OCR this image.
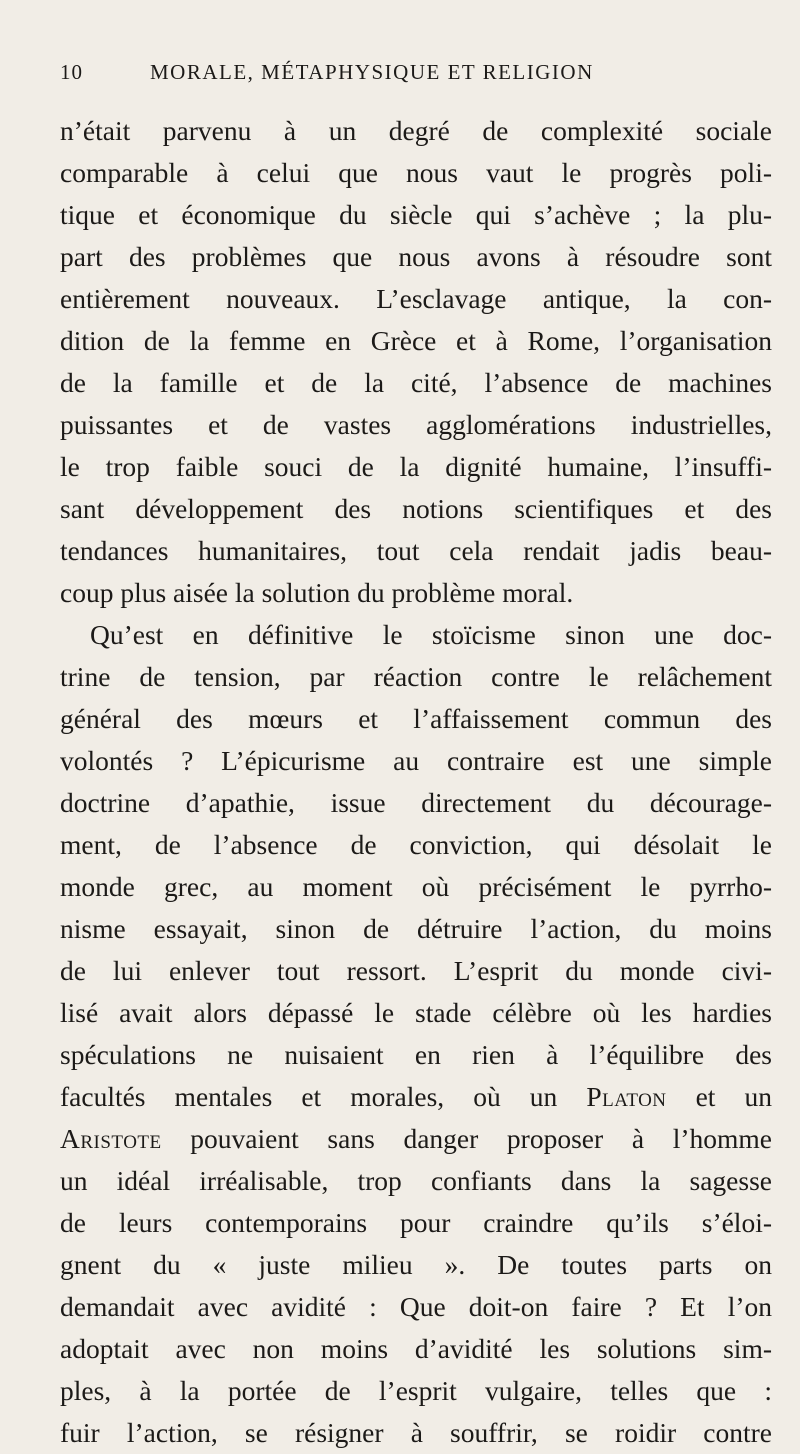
10	MORALE, MÉTAPHYSIQUE ET RELIGION
n’était parvenu à un degré de complexité sociale
comparable à celui que nous vaut le progrès poli-
tique et économique du siècle qui s’achève ; la plu-
part des problèmes que nous avons à résoudre sont
entièrement nouveaux. L’esclavage antique, la con-
dition de la femme en Grèce et à Rome, l’organisation
de la famille et de la cité, l’absence de machines
puissantes et de vastes agglomérations industrielles,
le trop faible souci de la dignité humaine, l’insuffi-
sant développement des notions scientifiques et des
tendances humanitaires, tout cela rendait jadis beau-
coup plus aisée la solution du problème moral.
Qu’est en définitive le stoïcisme sinon une doc-
trine de tension, par réaction contre le relâchement
général des mœurs et l’affaissement commun des
volontés ? L’épicurisme au contraire est une simple
doctrine d’apathie, issue directement du décourage-
ment, de l’absence de conviction, qui désolait le
monde grec, au moment où précisément le pyrrho-
nisme essayait, sinon de détruire l’action, du moins
de lui enlever tout ressort. L’esprit du monde civi-
lisé avait alors dépassé le stade célèbre où les hardies
spéculations ne nuisaient en rien à l’équilibre des
facultés mentales et morales, où un Platon et un
Aristote pouvaient sans danger proposer à l’homme
un idéal irréalisable, trop confiants dans la sagesse
de leurs contemporains pour craindre qu’ils s’éloi-
gnent du « juste milieu ». De toutes parts on
demandait avec avidité : Que doit-on faire ? Et l’on
adoptait avec non moins d’avidité les solutions sim-
ples, à la portée de l’esprit vulgaire, telles que :
fuir l’action, se résigner à souffrir, se roidir contre
